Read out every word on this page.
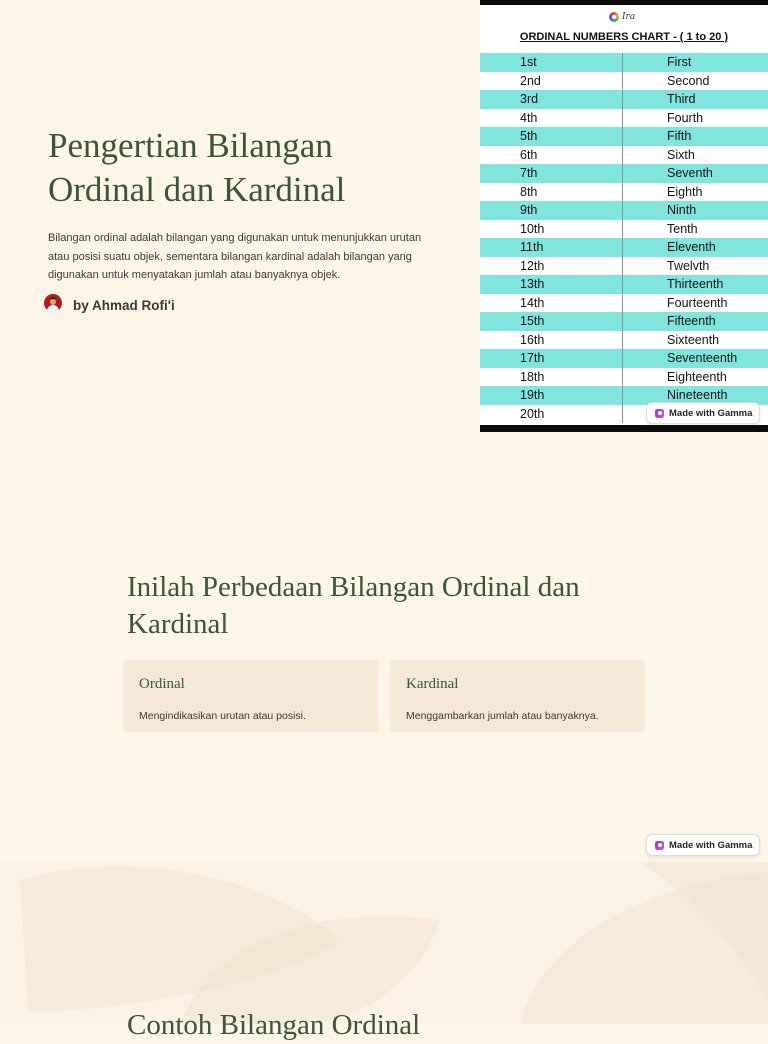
Pengertian Bilangan Ordinal dan Kardinal

Bilangan ordinal adalah bilangan yang digunakan untuk menunjukkan urutan atau posisi suatu objek, sementara bilangan kardinal adalah bilangan yang digunakan untuk menyatakan jumlah atau banyaknya objek.

by Ahmad Rofi'i
Ira
ORDINAL NUMBERS CHART - ( 1 to 20 )
1st	First
2nd	Second
3rd	Third
4th	Fourth
5th	Fifth
6th	Sixth
7th	Seventh
8th	Eighth
9th	Ninth
10th	Tenth
11th	Eleventh
12th	Twelvth
13th	Thirteenth
14th	Fourteenth
15th	Fifteenth
16th	Sixteenth
17th	Seventeenth
18th	Eighteenth
19th	Nineteenth
20th	Made with Gamma
Inilah Perbedaan Bilangan Ordinal dan Kardinal
Ordinal

Mengindikasikan urutan atau posisi.

Kardinal

Menggambarkan jumlah atau banyaknya.

Made with Gamma
Contoh Bilangan Ordinal
